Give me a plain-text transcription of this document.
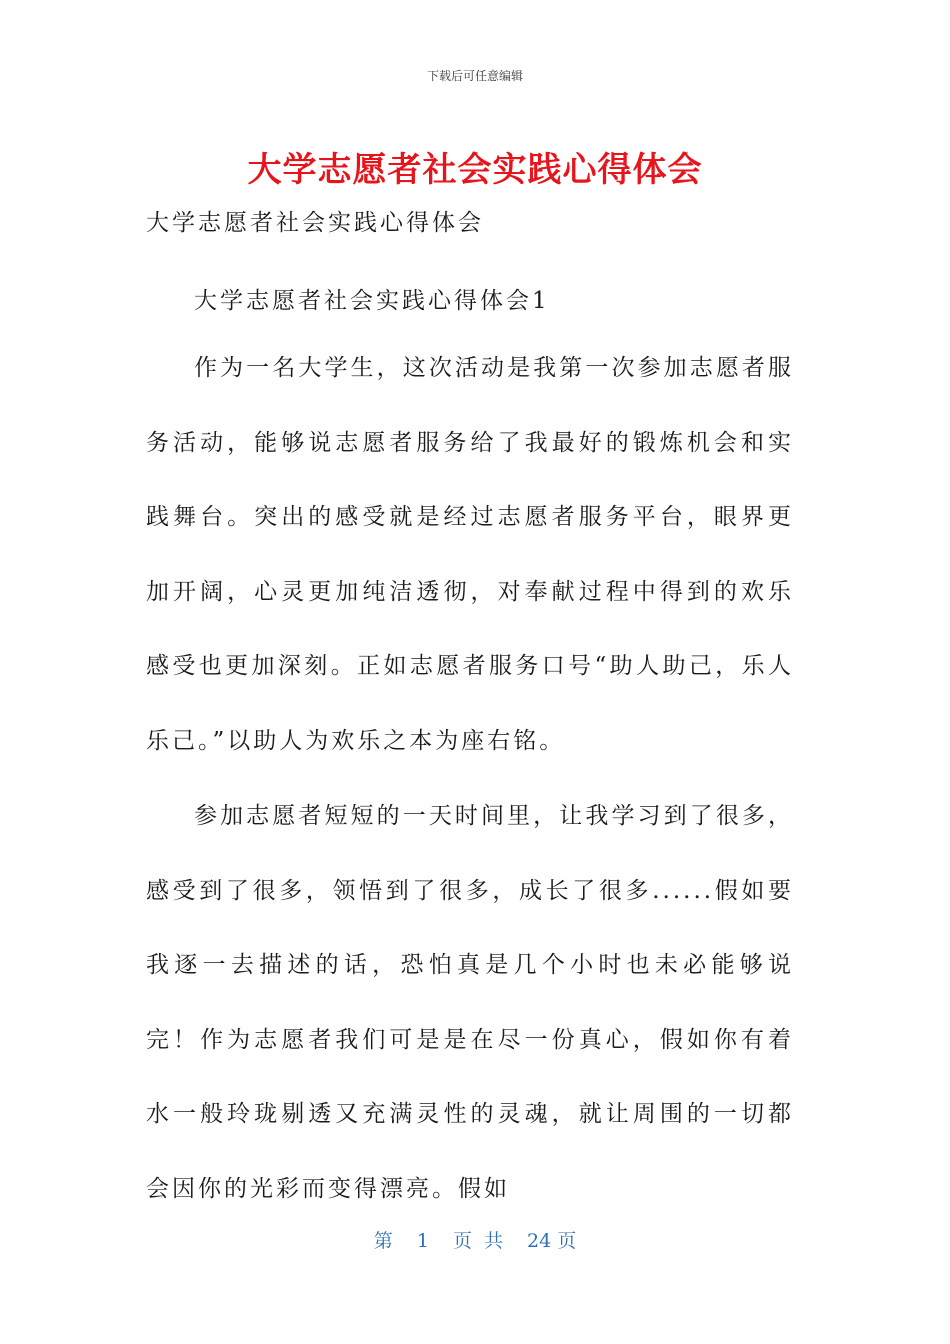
下载后可任意编辑
大学志愿者社会实践心得体会
大学志愿者社会实践心得体会
大学志愿者社会实践心得体会1

作为一名大学生，这次活动是我第一次参加志愿者服务活动，能够说志愿者服务给了我最好的锻炼机会和实践舞台。突出的感受就是经过志愿者服务平台，眼界更加开阔，心灵更加纯洁透彻，对奉献过程中得到的欢乐感受也更加深刻。正如志愿者服务口号“助人助己，乐人乐己。”以助人为欢乐之本为座右铭。

参加志愿者短短的一天时间里，让我学习到了很多，感受到了很多，领悟到了很多，成长了很多......假如要我逐一去描述的话，恐怕真是几个小时也未必能够说完！作为志愿者我们可是是在尽一份真心，假如你有着水一般玲珑剔透又充满灵性的灵魂，就让周围的一切都会因你的光彩而变得漂亮。假如

第 1 页 共 24 页
